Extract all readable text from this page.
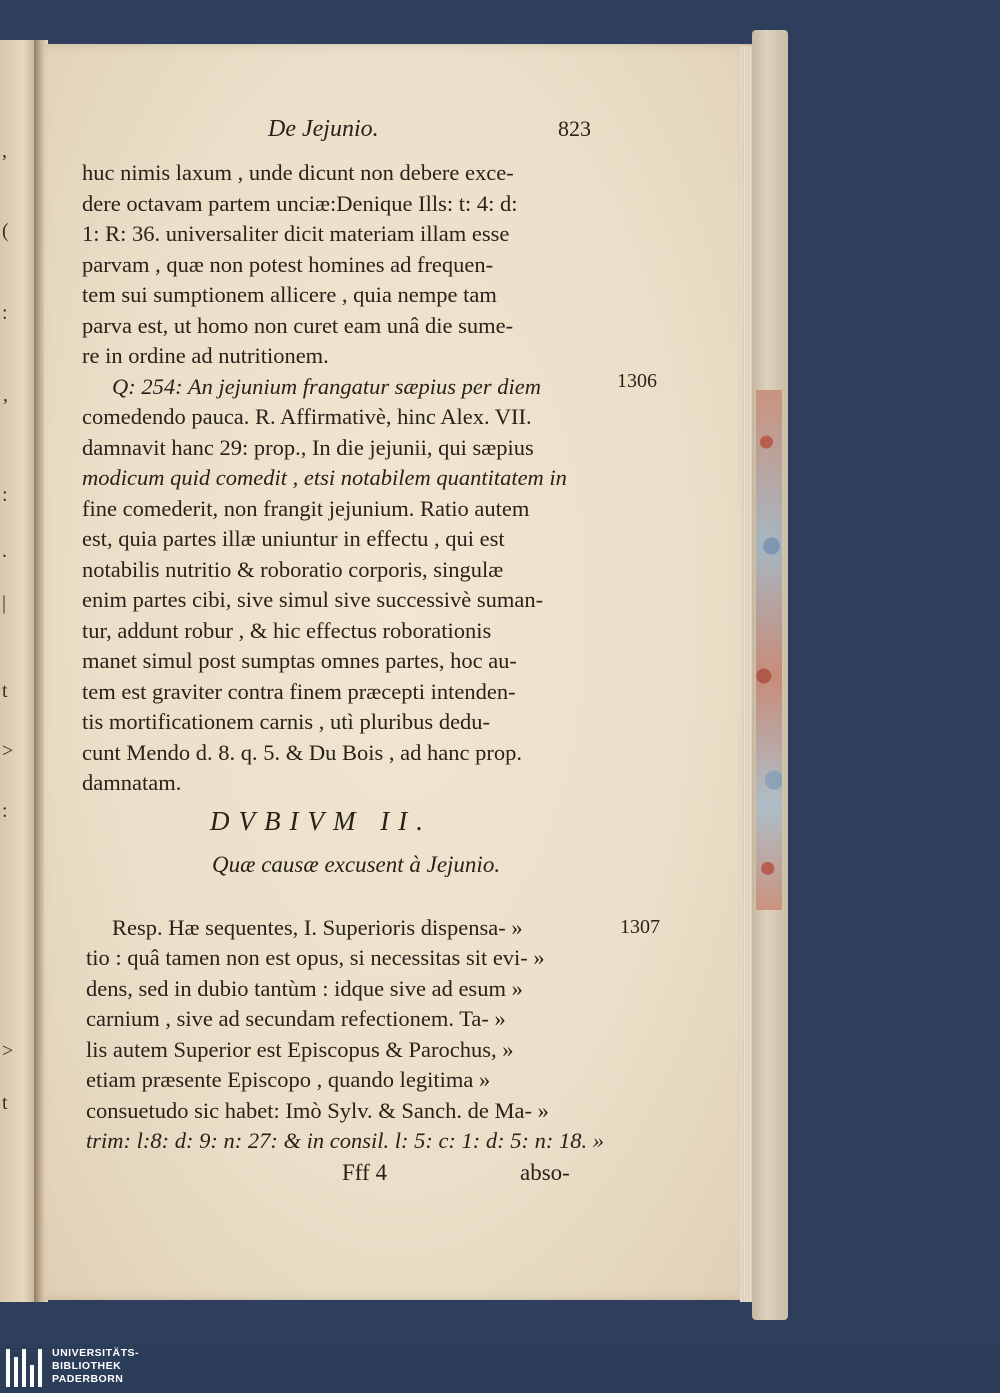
,
(
:
‚
:
.
|
t
>
:
>
t
De Jejunio.	823
huc nimis laxum , unde dicunt non debere exce-
dere octavam partem unciæ:Denique Ills: t: 4: d:
1: R: 36. universaliter dicit materiam illam esse
parvam , quæ non potest homines ad frequen-
tem sui sumptionem allicere , quia nempe tam
parva est, ut homo non curet eam unâ die sume-
re in ordine ad nutritionem.
1306
Q: 254: An jejunium frangatur sæpius per diem
comedendo pauca. R. Affirmativè, hinc Alex. VII.
damnavit hanc 29: prop., In die jejunii, qui sæpius
modicum quid comedit , etsi notabilem quantitatem in
fine comederit, non frangit jejunium. Ratio autem
est, quia partes illæ uniuntur in effectu , qui est
notabilis nutritio & roboratio corporis, singulæ
enim partes cibi, sive simul sive successivè suman-
tur, addunt robur , & hic effectus roborationis
manet simul post sumptas omnes partes, hoc au-
tem est graviter contra finem præcepti intenden-
tis mortificationem carnis , utì pluribus dedu-
cunt Mendo d. 8. q. 5. & Du Bois , ad hanc prop.
damnatam.
DVBIVM II.
Quæ causæ excusent à Jejunio.
1307
Resp. Hæ sequentes, I. Superioris dispensa- »
tio : quâ tamen non est opus, si necessitas sit evi- »
dens, sed in dubio tantùm : idque sive ad esum »
carnium , sive ad secundam refectionem. Ta- »
lis autem Superior est Episcopus & Parochus, »
etiam præsente Episcopo , quando legitima »
consuetudo sic habet: Imò Sylv. & Sanch. de Ma- »
trim: l:8: d: 9: n: 27: & in consil. l: 5: c: 1: d: 5: n: 18. »
Fff 4	abso-
UNIVERSITÄTS-
BIBLIOTHEK
PADERBORN
